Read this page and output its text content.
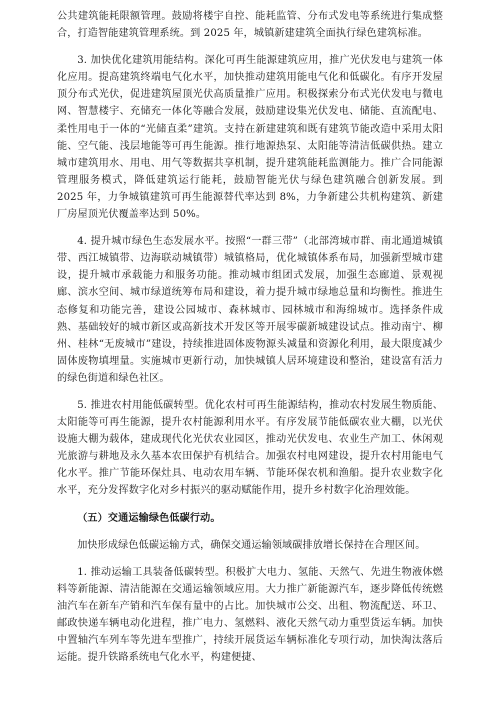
公共建筑能耗限额管理。鼓励将楼宇自控、能耗监管、分布式发电等系统进行集成整合，打造智能建筑管理系统。到 2025 年，城镇新建建筑全面执行绿色建筑标准。

3. 加快优化建筑用能结构。深化可再生能源建筑应用，推广光伏发电与建筑一体化应用。提高建筑终端电气化水平，加快推动建筑用能电气化和低碳化。有序开发屋顶分布式光伏，促进建筑屋顶光伏高质量推广应用。积极探索分布式光伏发电与微电网、智慧楼宇、充储充一体化等融合发展，鼓励建设集光伏发电、储能、直流配电、柔性用电于一体的“光储直柔”建筑。支持在新建建筑和既有建筑节能改造中采用太阳能、空气能、浅层地能等可再生能源。推行地源热泵、太阳能等清洁低碳供热。建立城市建筑用水、用电、用气等数据共享机制，提升建筑能耗监测能力。推广合同能源管理服务模式，降低建筑运行能耗，鼓励智能光伏与绿色建筑融合创新发展。到 2025 年，力争城镇建筑可再生能源替代率达到 8%，力争新建公共机构建筑、新建厂房屋顶光伏覆盖率达到 50%。

4. 提升城市绿色生态发展水平。按照“一群三带”（北部湾城市群、南北通道城镇带、西江城镇带、边海联动城镇带）城镇格局，优化城镇体系布局，加强新型城市建设，提升城市承载能力和服务功能。推动城市组团式发展，加强生态廊道、景观视廊、滨水空间、城市绿道统筹布局和建设，着力提升城市绿地总量和均衡性。推进生态修复和功能完善，建设公园城市、森林城市、园林城市和海绵城市。选择条件成熟、基础较好的城市新区或高新技术开发区等开展零碳新城建设试点。推动南宁、柳州、桂林“无废城市”建设，持续推进固体废物源头减量和资源化利用，最大限度减少固体废物填埋量。实施城市更新行动，加快城镇人居环境建设和整治，建设富有活力的绿色街道和绿色社区。

5. 推进农村用能低碳转型。优化农村可再生能源结构，推动农村发展生物质能、太阳能等可再生能源，提升农村能源利用水平。有序发展节能低碳农业大棚，以光伏设施大棚为载体，建成现代化光伏农业园区，推动光伏发电、农业生产加工、休闲观光旅游与耕地及永久基本农田保护有机结合。加强农村电网建设，提升农村用能电气化水平。推广节能环保灶具、电动农用车辆、节能环保农机和渔船。提升农业数字化水平，充分发挥数字化对乡村振兴的驱动赋能作用，提升乡村数字化治理效能。

（五）交通运输绿色低碳行动。

加快形成绿色低碳运输方式，确保交通运输领域碳排放增长保持在合理区间。

1. 推动运输工具装备低碳转型。积极扩大电力、氢能、天然气、先进生物液体燃料等新能源、清洁能源在交通运输领域应用。大力推广新能源汽车，逐步降低传统燃油汽车在新车产销和汽车保有量中的占比。加快城市公交、出租、物流配送、环卫、邮政快递车辆电动化进程，推广电力、氢燃料、液化天然气动力重型货运车辆。加快中置轴汽车列车等先进车型推广，持续开展货运车辆标准化专项行动，加快淘汰落后运能。提升铁路系统电气化水平，构建便捷、
